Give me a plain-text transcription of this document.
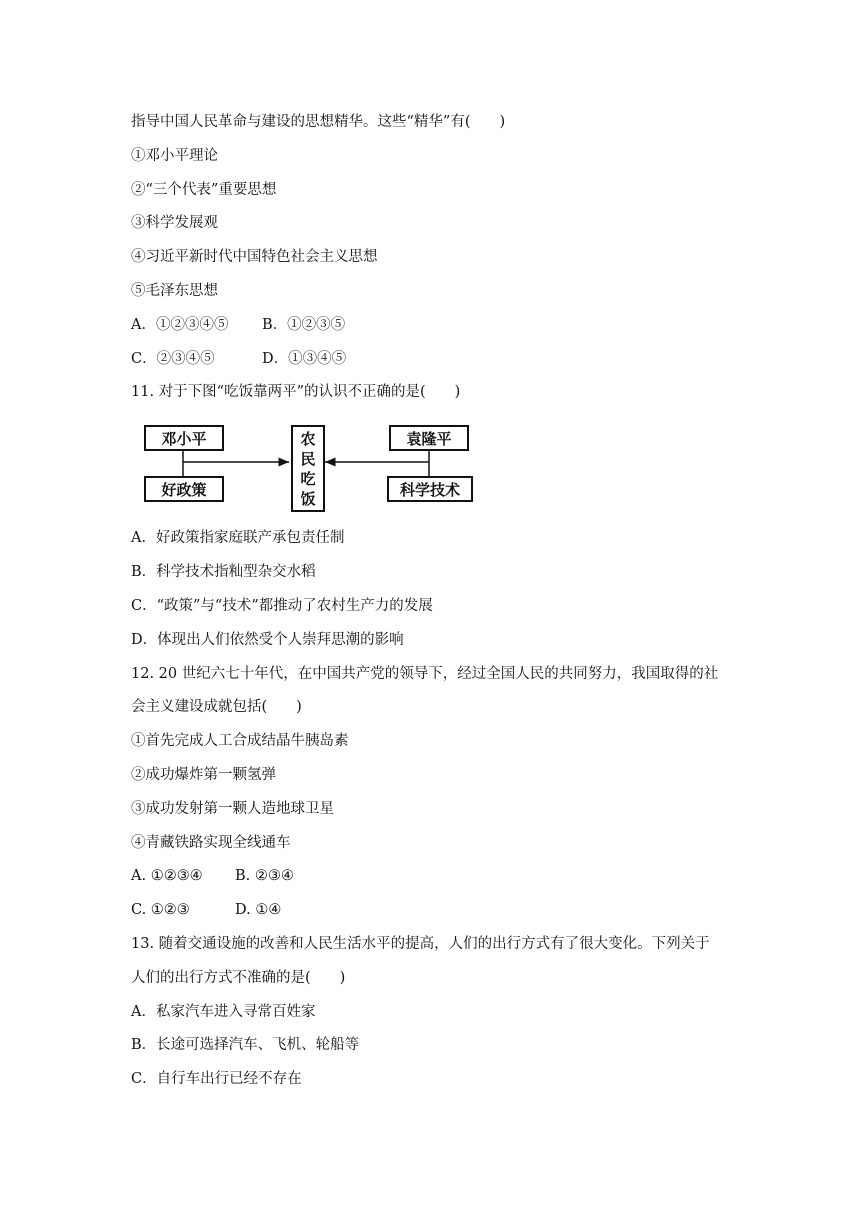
指导中国人民革命与建设的思想精华。这些“精华”有(　　)
①邓小平理论
②“三个代表”重要思想
③科学发展观
④习近平新时代中国特色社会主义思想
⑤毛泽东思想
A．①②③④⑤ B．①②③⑤
C．②③④⑤	D．①③④⑤
11. 对于下图“吃饭靠两平”的认识不正确的是(　　)
邓小平
好政策
农
民
吃
饭
袁隆平
科学技术
A．好政策指家庭联产承包责任制
B．科学技术指籼型杂交水稻
C．“政策”与“技术”都推动了农村生产力的发展
D．体现出人们依然受个人崇拜思潮的影响
12. 20 世纪六七十年代，在中国共产党的领导下，经过全国人民的共同努力，我国取得的社
会主义建设成就包括(　　)
①首先完成人工合成结晶牛胰岛素
②成功爆炸第一颗氢弹
③成功发射第一颗人造地球卫星
④青藏铁路实现全线通车
A. ①②③④ B. ②③④
C. ①②③	D. ①④
13. 随着交通设施的改善和人民生活水平的提高，人们的出行方式有了很大变化。下列关于
人们的出行方式不准确的是(　　)
A．私家汽车进入寻常百姓家
B．长途可选择汽车、飞机、轮船等
C．自行车出行已经不存在
